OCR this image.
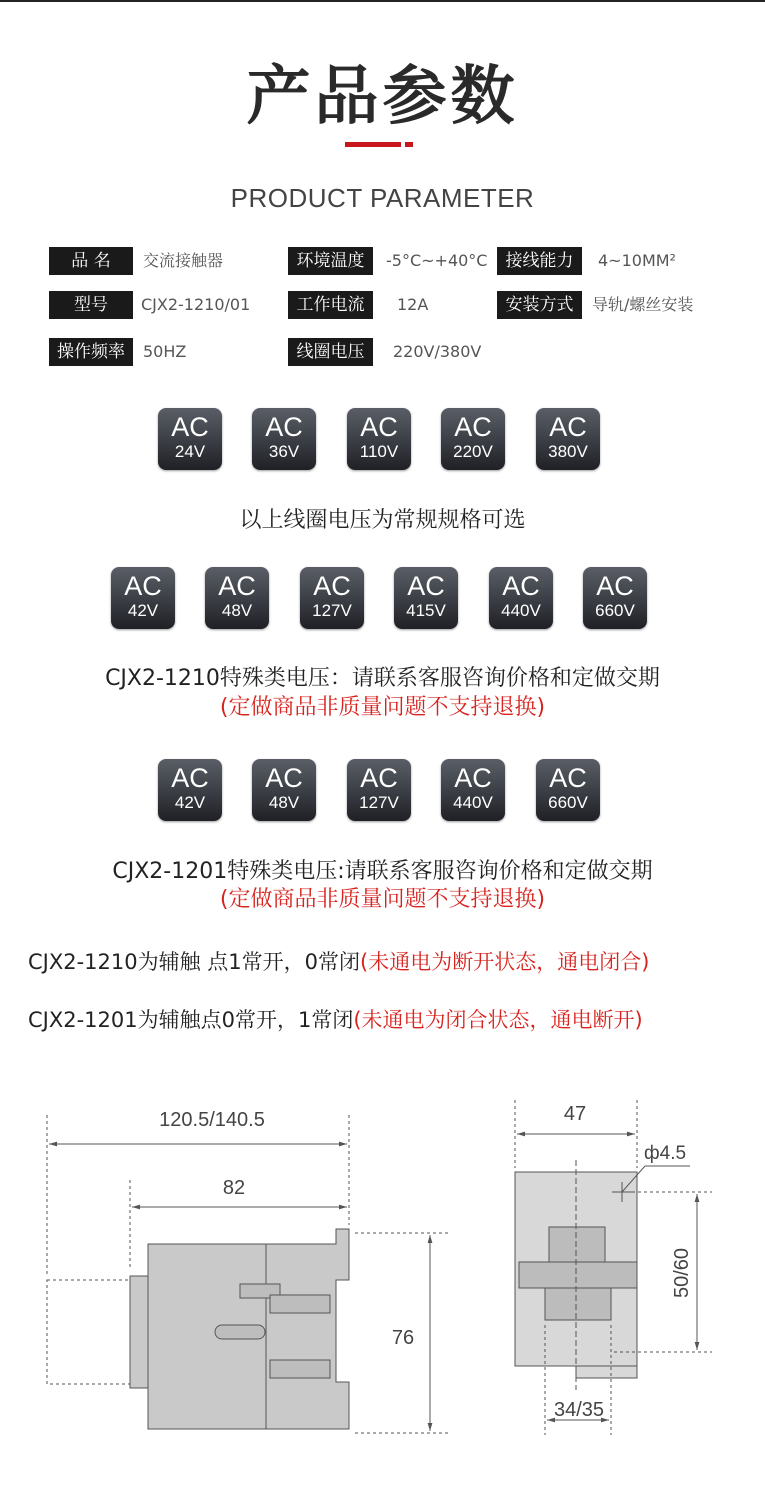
产品参数
PRODUCT PARAMETER
品 名	交流接触器	环境温度	-5°C~+40°C	接线能力	4~10MM²
型号	CJX2-1210/01	工作电流	12A	安装方式	导轨/螺丝安装
操作频率	50HZ	线圈电压	220V/380V
AC
24V
AC
36V
AC
110V
AC
220V
AC
380V
以上线圈电压为常规规格可选
AC
42V
AC
48V
AC
127V
AC
415V
AC
440V
AC
660V
CJX2-1210特殊类电压：请联系客服咨询价格和定做交期
(定做商品非质量问题不支持退换)
AC
42V
AC
48V
AC
127V
AC
440V
AC
660V
CJX2-1201特殊类电压:请联系客服咨询价格和定做交期
(定做商品非质量问题不支持退换)
CJX2-1210为辅触 点1常开，0常闭(未通电为断开状态，通电闭合)
CJX2-1201为辅触点0常开，1常闭(未通电为闭合状态，通电断开)
120.5/140.5
82
76
47
ф4.5
50/60
34/35
